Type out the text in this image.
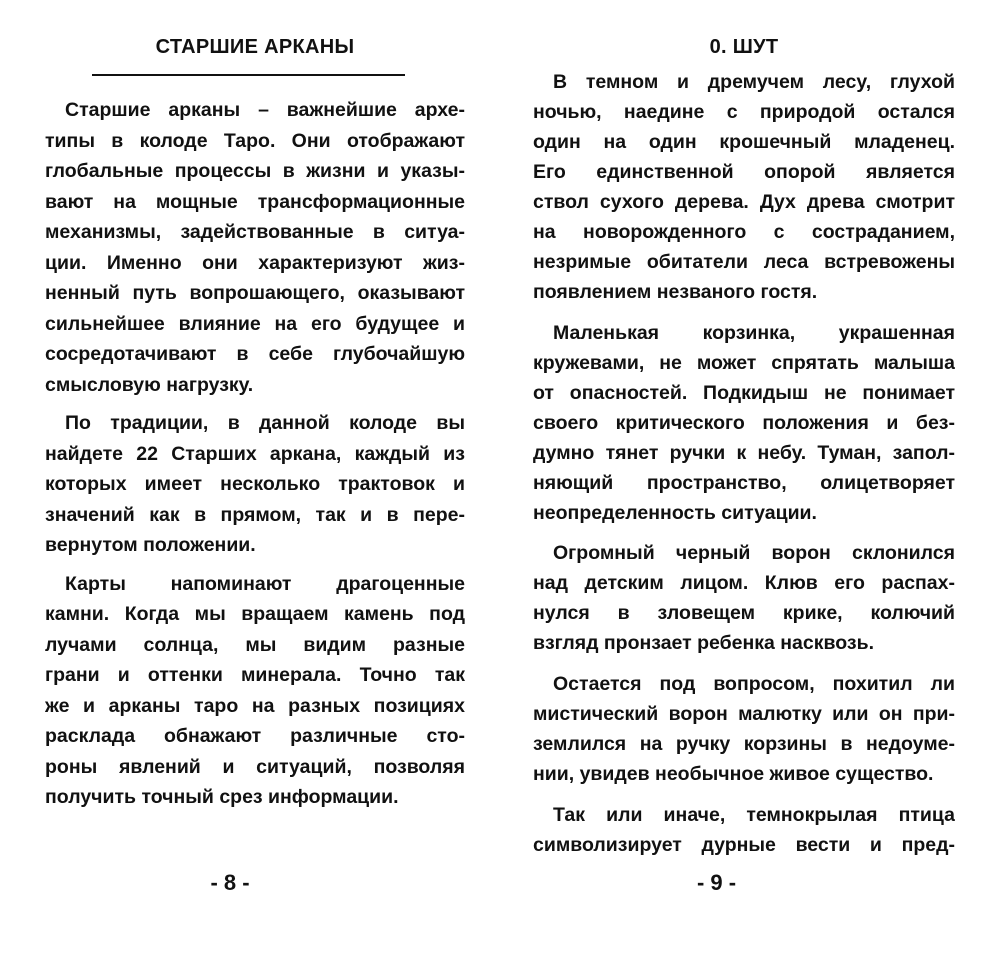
СТАРШИЕ АРКАНЫ
Старшие арканы – важнейшие архе-
типы в колоде Таро. Они отображают
глобальные процессы в жизни и указы-
вают на мощные трансформационные
механизмы, задействованные в ситуа-
ции. Именно они характеризуют жиз-
ненный путь вопрошающего, оказывают
сильнейшее влияние на его будущее и
сосредотачивают в себе глубочайшую
смысловую нагрузку.
По традиции, в данной колоде вы
найдете 22 Старших аркана, каждый из
которых имеет несколько трактовок и
значений как в прямом, так и в пере-
вернутом положении.
Карты напоминают драгоценные
камни. Когда мы вращаем камень под
лучами солнца, мы видим разные
грани и оттенки минерала. Точно так
же и арканы таро на разных позициях
расклада обнажают различные сто-
роны явлений и ситуаций, позволяя
получить точный срез информации.
- 8 -
0. ШУТ
В темном и дремучем лесу, глухой
ночью, наедине с природой остался
один на один крошечный младенец.
Его единственной опорой является
ствол сухого дерева. Дух древа смотрит
на новорожденного с состраданием,
незримые обитатели леса встревожены
появлением незваного гостя.
Маленькая корзинка, украшенная
кружевами, не может спрятать малыша
от опасностей. Подкидыш не понимает
своего критического положения и без-
думно тянет ручки к небу. Туман, запол-
няющий пространство, олицетворяет
неопределенность ситуации.
Огромный черный ворон склонился
над детским лицом. Клюв его распах-
нулся в зловещем крике, колючий
взгляд пронзает ребенка насквозь.
Остается под вопросом, похитил ли
мистический ворон малютку или он при-
землился на ручку корзины в недоуме-
нии, увидев необычное живое существо.
Так или иначе, темнокрылая птица
символизирует дурные вести и пред-
- 9 -
